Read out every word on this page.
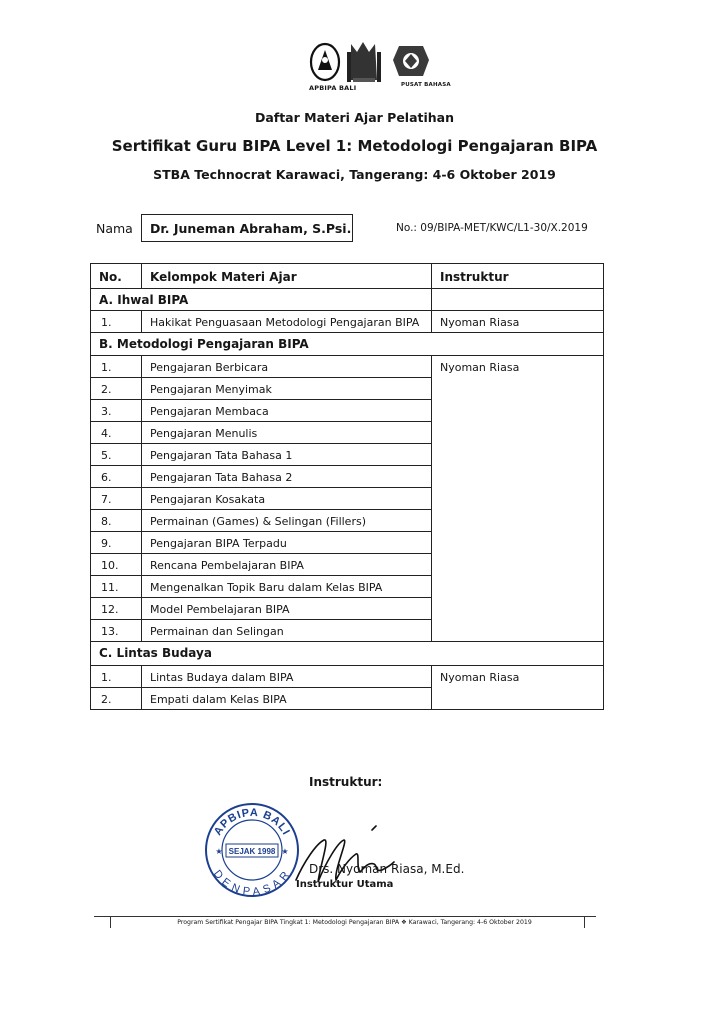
APBIPA BALI	PUSAT BAHASA
Daftar Materi Ajar Pelatihan
Sertifikat Guru BIPA Level 1: Metodologi Pengajaran BIPA
STBA Technocrat Karawaci, Tangerang: 4-6 Oktober 2019
Nama	Dr. Juneman Abraham, S.Psi.	No.: 09/BIPA-MET/KWC/L1-30/X.2019
No.	Kelompok Materi Ajar	Instruktur
A. Ihwal BIPA
1.	Hakikat Penguasaan Metodologi Pengajaran BIPA	Nyoman Riasa
B. Metodologi Pengajaran BIPA
1.	Pengajaran Berbicara
2.	Pengajaran Menyimak
3.	Pengajaran Membaca
4.	Pengajaran Menulis
5.	Pengajaran Tata Bahasa 1
6.	Pengajaran Tata Bahasa 2
7.	Pengajaran Kosakata
8.	Permainan (Games) & Selingan (Fillers)
9.	Pengajaran BIPA Terpadu
10.	Rencana Pembelajaran BIPA
11.	Mengenalkan Topik Baru dalam Kelas BIPA
12.	Model Pembelajaran BIPA
13.	Permainan dan Selingan
Nyoman Riasa
C. Lintas Budaya
1.	Lintas Budaya dalam BIPA
2.	Empati dalam Kelas BIPA
Nyoman Riasa
Instruktur:
APBIPA BALI
DENPASAR
SEJAK 1998
★	★
Drs. Nyoman Riasa, M.Ed.
Instruktur Utama
Program Sertifikat Pengajar BIPA Tingkat 1: Metodologi Pengajaran BIPA ❖ Karawaci, Tangerang: 4-6 Oktober 2019
